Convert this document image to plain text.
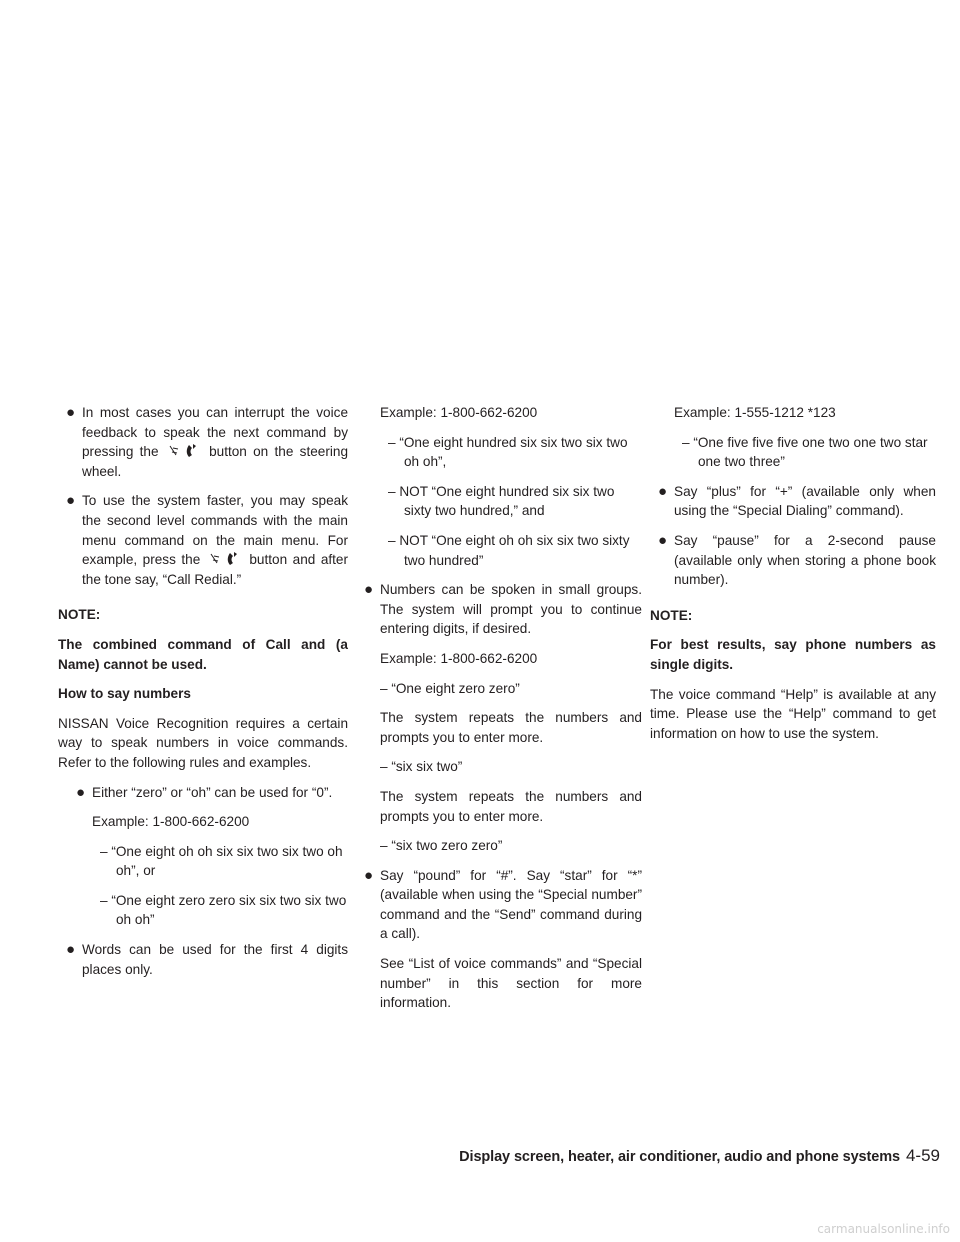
● In most cases you can interrupt the voice feedback to speak the next command by pressing the	button on the steering wheel.
● To use the system faster, you may speak the second level commands with the main menu command on the main menu. For example, press the	button and after the tone say, “Call Redial.”

NOTE:

The combined command of Call and (a Name) cannot be used.

How to say numbers

NISSAN Voice Recognition requires a certain way to speak numbers in voice commands. Refer to the following rules and examples.

● Either “zero” or “oh” can be used for “0”.
Example: 1-800-662-6200
– “One eight oh oh six six two six two oh oh”, or
– “One eight zero zero six six two six two oh oh”
● Words can be used for the first 4 digits places only.
Example: 1-800-662-6200
– “One eight hundred six six two six two oh oh”,
– NOT “One eight hundred six six two sixty two hundred,” and
– NOT “One eight oh oh six six two sixty two hundred”
● Numbers can be spoken in small groups. The system will prompt you to continue entering digits, if desired.
Example: 1-800-662-6200
– “One eight zero zero”

The system repeats the numbers and prompts you to enter more.

– “six six two”

The system repeats the numbers and prompts you to enter more.

– “six two zero zero”
● Say “pound” for “#”. Say “star” for “*” (available when using the “Special number” command and the “Send” command during a call).

See “List of voice commands” and “Special number” in this section for more information.

Example: 1-555-1212 *123
– “One five five five one two one two star one two three”
● Say “plus” for “+” (available only when using the “Special Dialing” command).
● Say “pause” for a 2-second pause (available only when storing a phone book number).

NOTE:

For best results, say phone numbers as single digits.

The voice command “Help” is available at any time. Please use the “Help” command to get information on how to use the system.

Display screen, heater, air conditioner, audio and phone systems 4-59
carmanualsonline.info
